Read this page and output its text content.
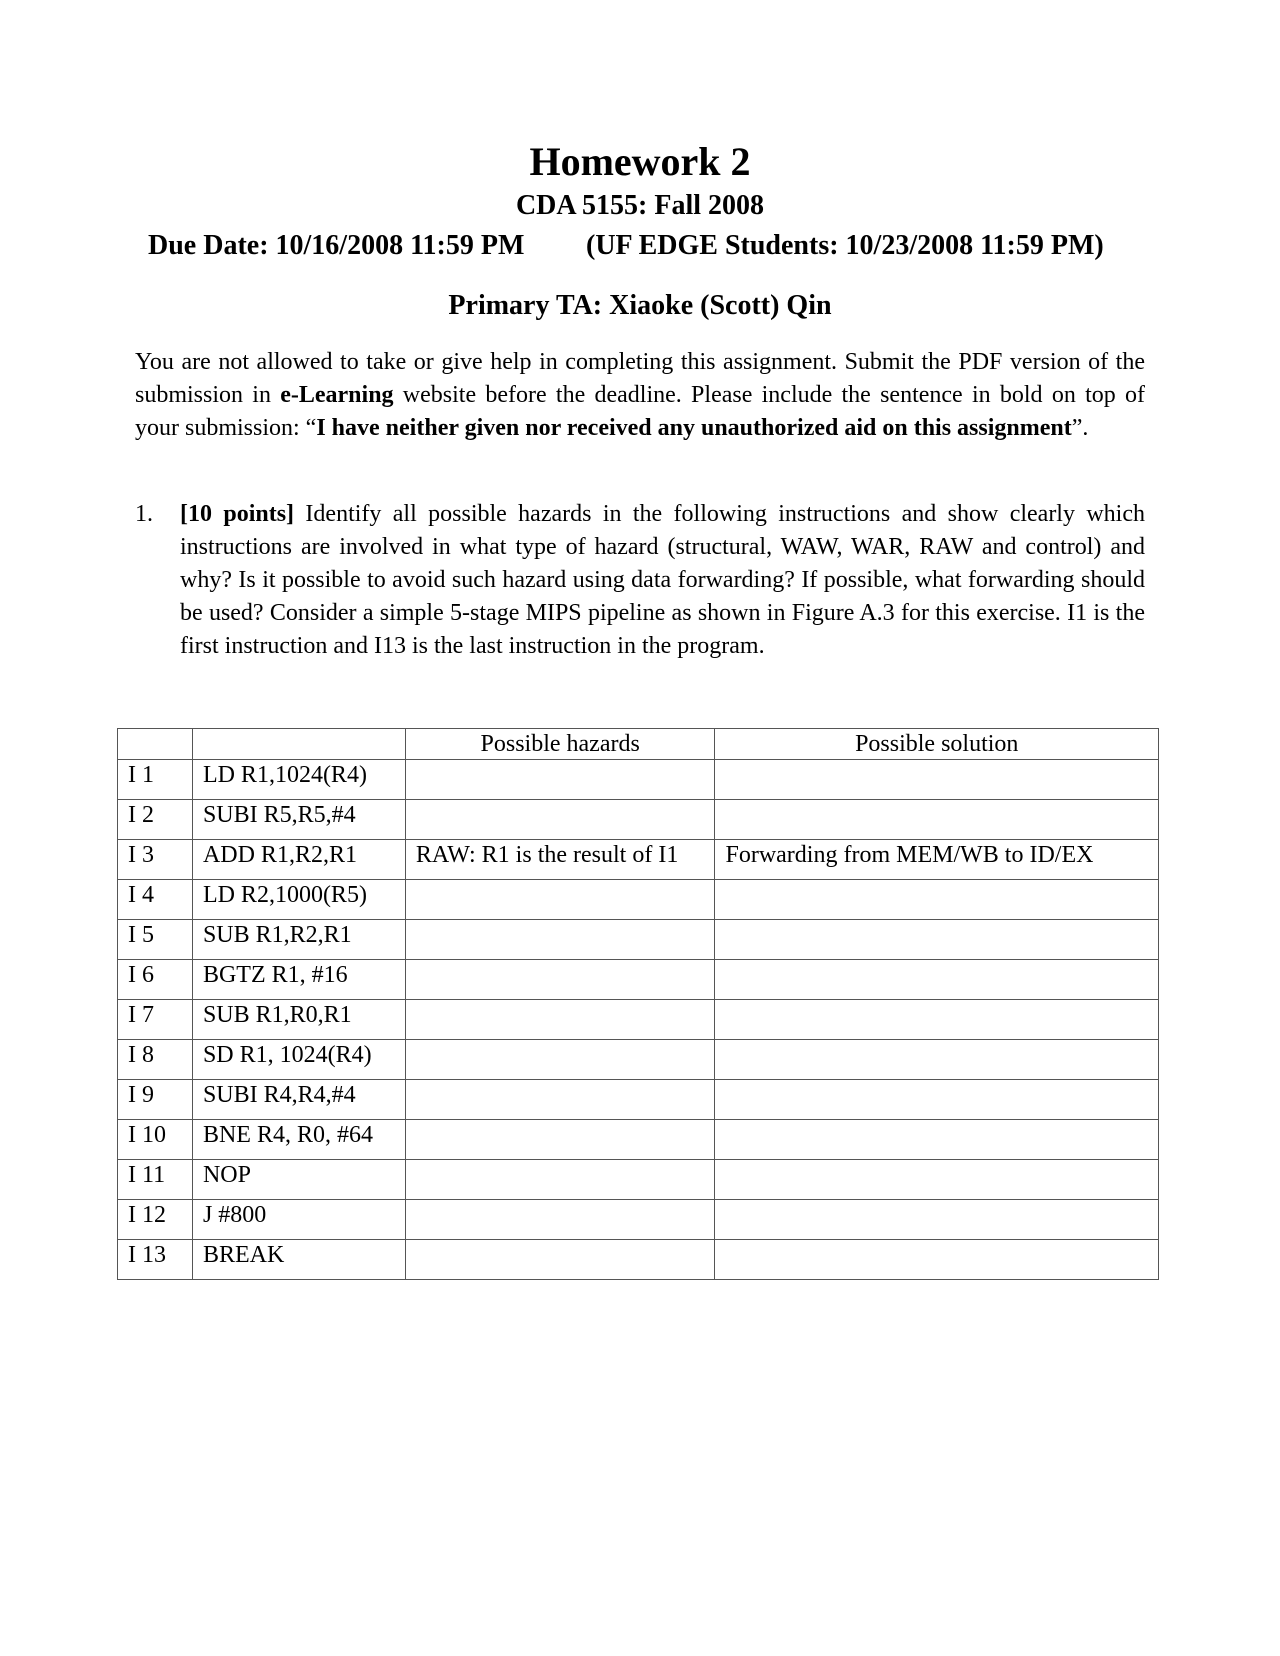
Homework 2
CDA 5155: Fall 2008
Due Date: 10/16/2008 11:59 PM (UF EDGE Students: 10/23/2008 11:59 PM)
Primary TA: Xiaoke (Scott) Qin

You are not allowed to take or give help in completing this assignment. Submit the PDF version of the submission in e-Learning website before the deadline. Please include the sentence in bold on top of your submission: “I have neither given nor received any unauthorized aid on this assignment”.

1. [10 points] Identify all possible hazards in the following instructions and show clearly which instructions are involved in what type of hazard (structural, WAW, WAR, RAW and control) and why? Is it possible to avoid such hazard using data forwarding? If possible, what forwarding should be used? Consider a simple 5-stage MIPS pipeline as shown in Figure A.3 for this exercise. I1 is the first instruction and I13 is the last instruction in the program.
		Possible hazards	Possible solution
I 1	LD R1,1024(R4)		
I 2	SUBI R5,R5,#4		
I 3	ADD R1,R2,R1	RAW: R1 is the result of I1	Forwarding from MEM/WB to ID/EX
I 4	LD R2,1000(R5)		
I 5	SUB R1,R2,R1		
I 6	BGTZ R1, #16		
I 7	SUB R1,R0,R1		
I 8	SD R1, 1024(R4)		
I 9	SUBI R4,R4,#4		
I 10	BNE R4, R0, #64		
I 11	NOP		
I 12	J #800		
I 13	BREAK		
